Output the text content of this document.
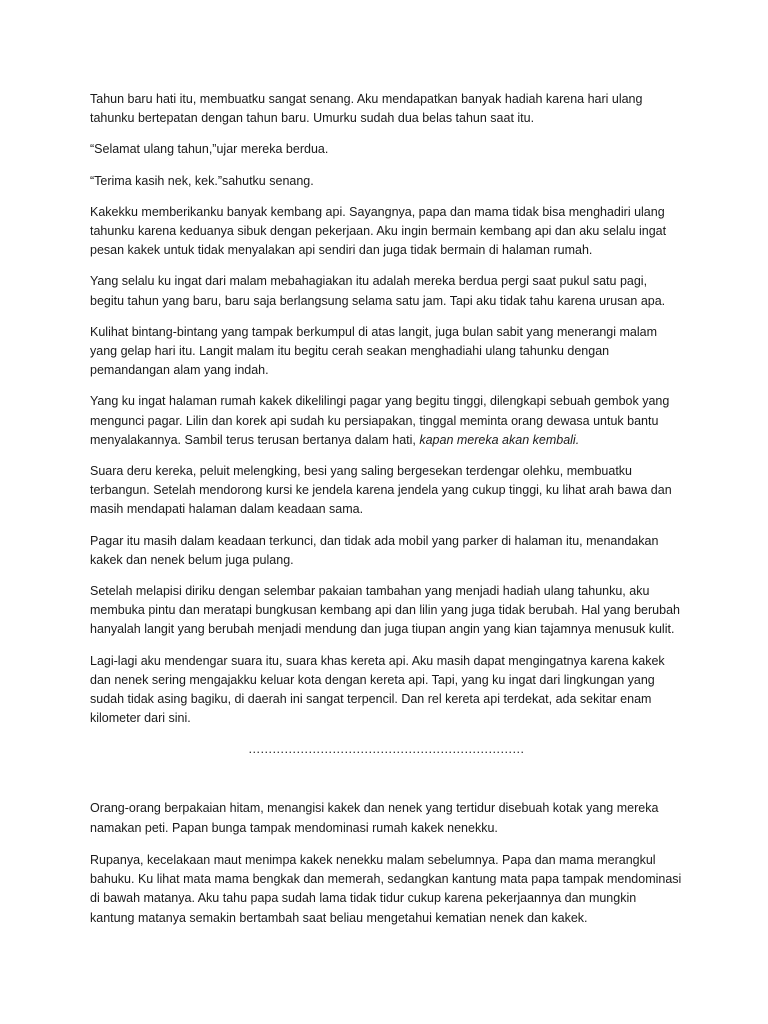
Tahun baru hati itu, membuatku sangat senang. Aku mendapatkan banyak hadiah karena hari ulang tahunku bertepatan dengan tahun baru. Umurku sudah dua belas tahun saat itu.

“Selamat ulang tahun,”ujar mereka berdua.

“Terima kasih nek, kek.”sahutku senang.

Kakekku memberikanku banyak kembang api. Sayangnya, papa dan mama tidak bisa menghadiri ulang tahunku karena keduanya sibuk dengan pekerjaan. Aku ingin bermain kembang api dan aku selalu ingat pesan kakek untuk tidak menyalakan api sendiri dan juga tidak bermain di halaman rumah.

Yang selalu ku ingat dari malam mebahagiakan itu adalah mereka berdua pergi saat pukul satu pagi, begitu tahun yang baru, baru saja berlangsung selama satu jam. Tapi aku tidak tahu karena urusan apa.

Kulihat bintang-bintang yang tampak berkumpul di atas langit, juga bulan sabit yang menerangi malam yang gelap hari itu. Langit malam itu begitu cerah seakan menghadiahi ulang tahunku dengan pemandangan alam yang indah.

Yang ku ingat halaman rumah kakek dikelilingi pagar yang begitu tinggi, dilengkapi sebuah gembok yang mengunci pagar. Lilin dan korek api sudah ku persiapakan, tinggal meminta orang dewasa untuk bantu menyalakannya. Sambil terus terusan bertanya dalam hati, kapan mereka akan kembali.

Suara deru kereka, peluit melengking, besi yang saling bergesekan terdengar olehku, membuatku terbangun. Setelah mendorong kursi ke jendela karena jendela yang cukup tinggi, ku lihat arah bawa dan masih mendapati halaman dalam keadaan sama.

Pagar itu masih dalam keadaan terkunci, dan tidak ada mobil yang parker di halaman itu, menandakan kakek dan nenek belum juga pulang.

Setelah melapisi diriku dengan selembar pakaian tambahan yang menjadi hadiah ulang tahunku, aku membuka pintu dan meratapi bungkusan kembang api dan lilin yang juga tidak berubah. Hal yang berubah hanyalah langit yang berubah menjadi mendung dan juga tiupan angin yang kian tajamnya menusuk kulit.

Lagi-lagi aku mendengar suara itu, suara khas kereta api. Aku masih dapat mengingatnya karena kakek dan nenek sering mengajakku keluar kota dengan kereta api. Tapi, yang ku ingat dari lingkungan yang sudah tidak asing bagiku, di daerah ini sangat terpencil. Dan rel kereta api terdekat, ada sekitar enam kilometer dari sini.

……………………………………………………………

Orang-orang berpakaian hitam, menangisi kakek dan nenek yang tertidur disebuah kotak yang mereka namakan peti. Papan bunga tampak mendominasi rumah kakek nenekku.

Rupanya, kecelakaan maut menimpa kakek nenekku malam sebelumnya. Papa dan mama merangkul bahuku. Ku lihat mata mama bengkak dan memerah, sedangkan kantung mata papa tampak mendominasi di bawah matanya. Aku tahu papa sudah lama tidak tidur cukup karena pekerjaannya dan mungkin kantung matanya semakin bertambah saat beliau mengetahui kematian nenek dan kakek.
